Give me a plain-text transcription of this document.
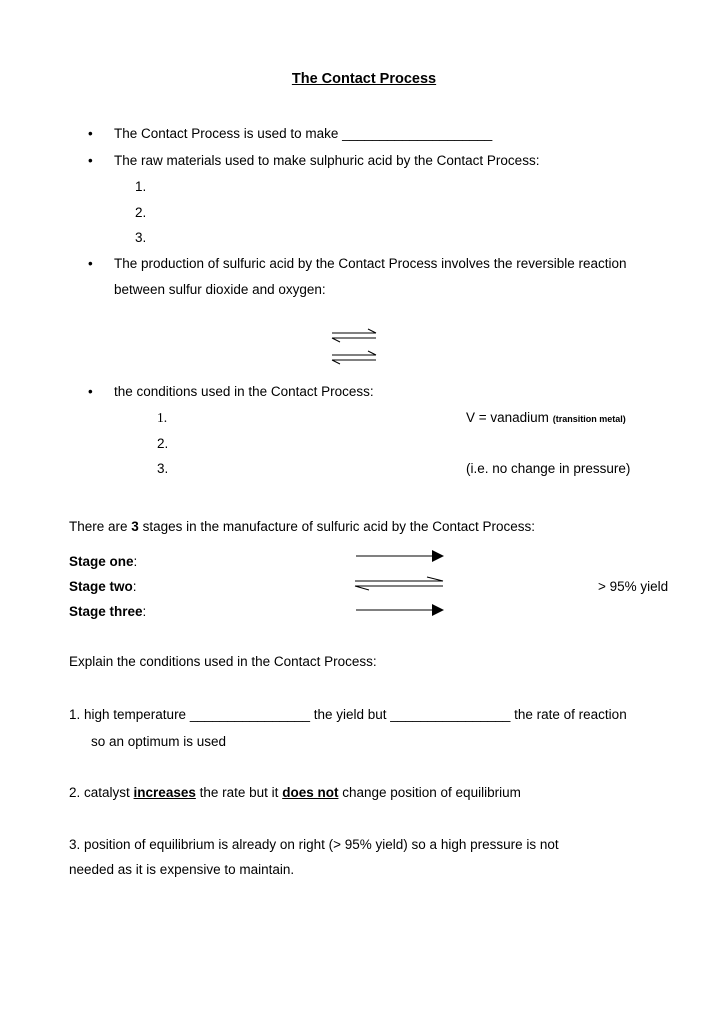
The Contact Process
• The Contact Process is used to make ____________________
• The raw materials used to make sulphuric acid by the Contact Process:
1.
2.
3.
• The production of sulfuric acid by the Contact Process involves the reversible reaction
between sulfur dioxide and oxygen:
• the conditions used in the Contact Process:
1.	V = vanadium (transition metal)
2.
3.	(i.e. no change in pressure)
There are 3 stages in the manufacture of sulfuric acid by the Contact Process:
Stage one:
Stage two:	> 95% yield
Stage three:
Explain the conditions used in the Contact Process:
1. high temperature ________________ the yield but ________________ the rate of reaction
so an optimum is used
2. catalyst increases the rate but it does not change position of equilibrium
3. position of equilibrium is already on right (> 95% yield) so a high pressure is not
needed as it is expensive to maintain.
